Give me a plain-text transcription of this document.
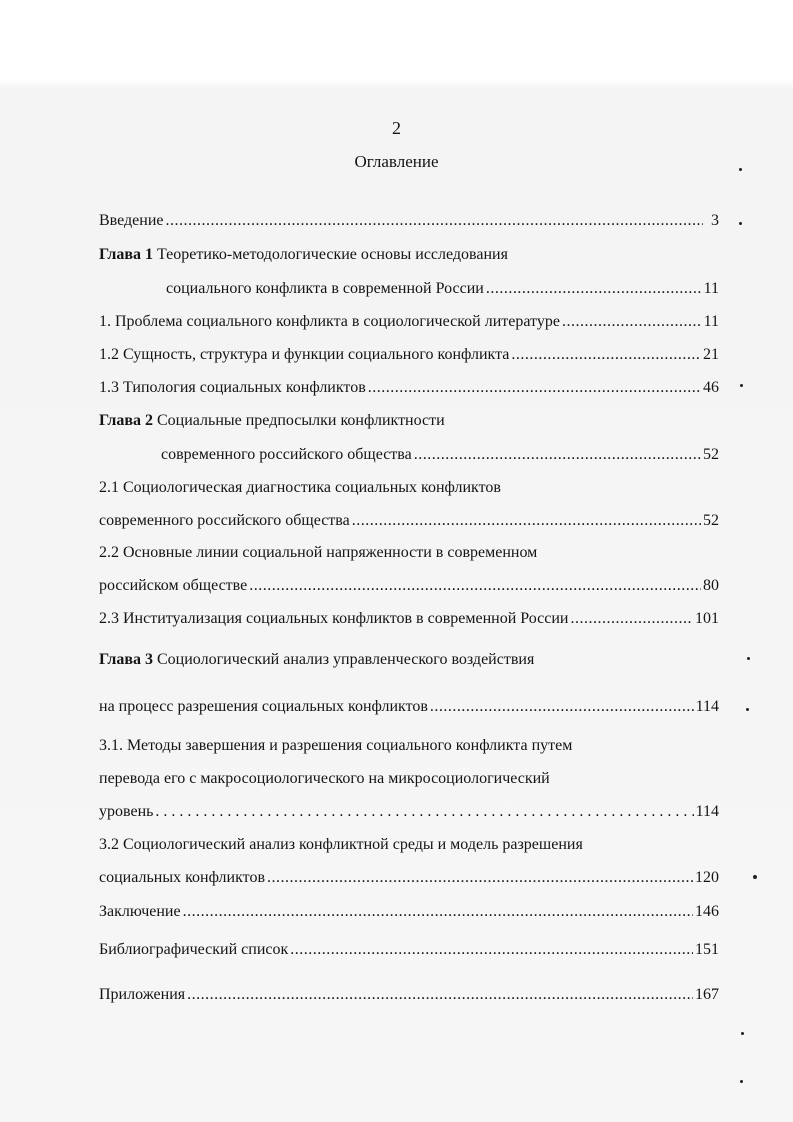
2
Оглавление
Введение .....	3
Глава 1 Теоретико-методологические основы исследования
социального конфликта в современной России .....	11
1. Проблема социального конфликта в социологической литературе .....	11
1.2 Сущность, структура и функции социального конфликта .....	21
1.3 Типология социальных конфликтов .....	46
Глава 2 Социальные предпосылки конфликтности
современного российского общества .....	52
2.1 Социологическая диагностика социальных конфликтов
современного российского общества .....	52
2.2 Основные линии социальной напряженности в современном
российском обществе .....	80
2.3 Институализация социальных конфликтов в современной России .....	101
Глава 3 Социологический анализ управленческого воздействия
на процесс разрешения социальных конфликтов .....	114
3.1. Методы завершения и разрешения социального конфликта путем
перевода его с макросоциологического на микросоциологический
уровень . . .	114
3.2 Социологический анализ конфликтной среды и модель разрешения
социальных конфликтов .....	120
Заключение .....	146
Библиографический список .....	151
Приложения .....	167
